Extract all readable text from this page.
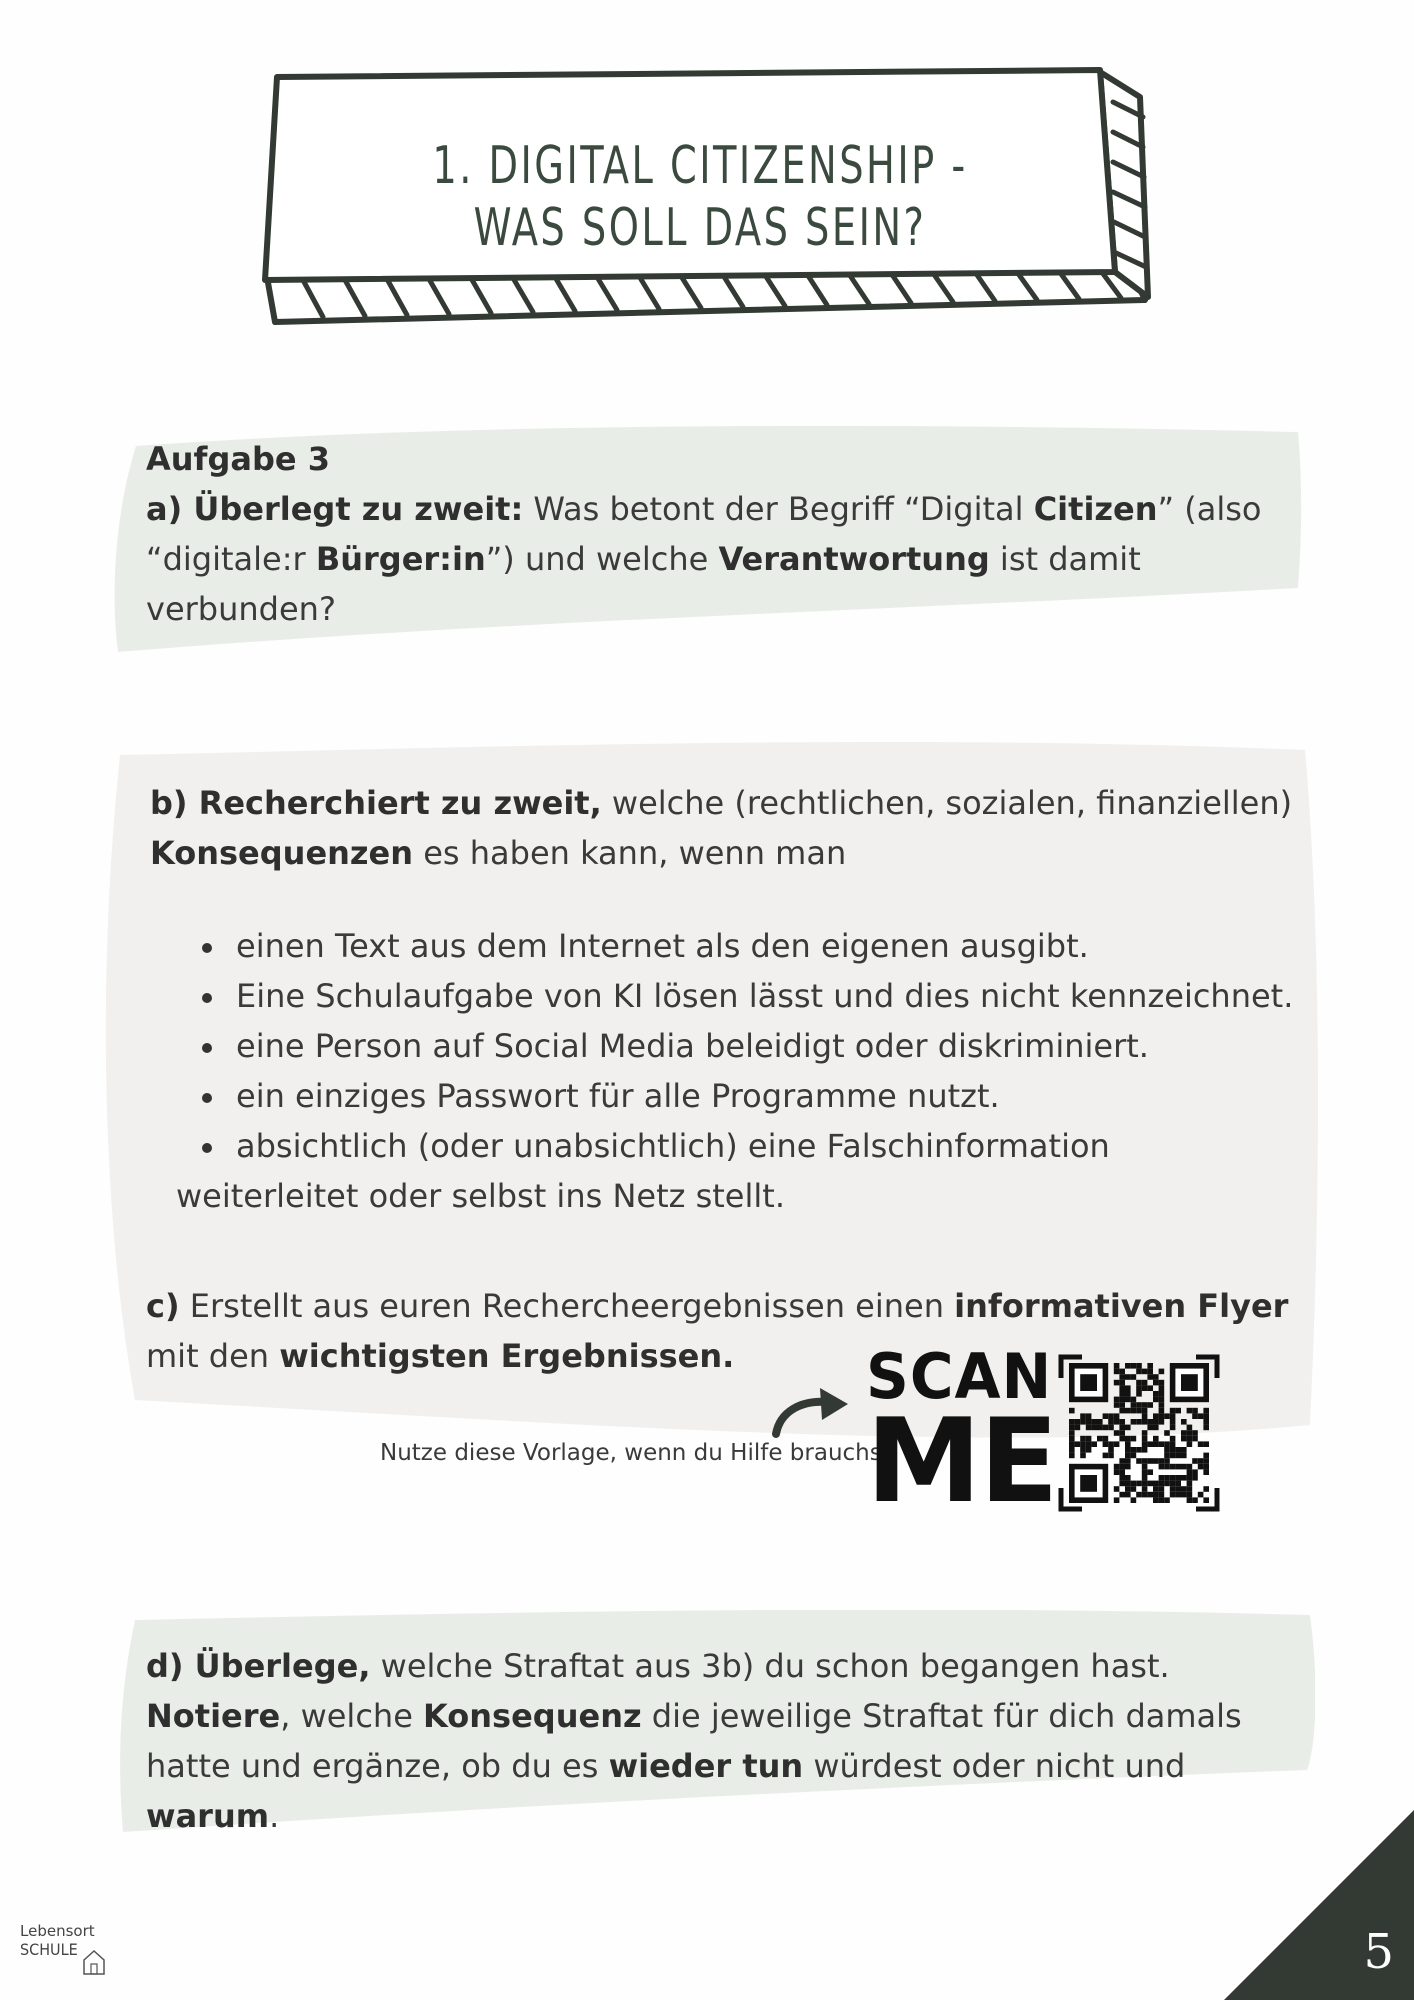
1. DIGITAL CITIZENSHIP - WAS SOLL DAS SEIN?
Aufgabe 3
a) Überlegt zu zweit: Was betont der Begriff “Digital Citizen” (also “digitale:r Bürger:in”) und welche Verantwortung ist damit verbunden?
b) Recherchiert zu zweit, welche (rechtlichen, sozialen, finanziellen)
Konsequenzen es haben kann, wenn man
einen Text aus dem Internet als den eigenen ausgibt.
Eine Schulaufgabe von KI lösen lässt und dies nicht kennzeichnet.
eine Person auf Social Media beleidigt oder diskriminiert.
ein einziges Passwort für alle Programme nutzt.
absichtlich (oder unabsichtlich) eine Falschinformation
weiterleitet oder selbst ins Netz stellt.
c) Erstellt aus euren Rechercheergebnissen einen informativen Flyer
mit den wichtigsten Ergebnissen.
Nutze diese Vorlage, wenn du Hilfe brauchst.
SCAN
ME
d) Überlege, welche Straftat aus 3b) du schon begangen hast. Notiere, welche Konsequenz die jeweilige Straftat für dich damals hatte und ergänze, ob du es wieder tun würdest oder nicht und warum.
Lebensort
SCHULE	5
